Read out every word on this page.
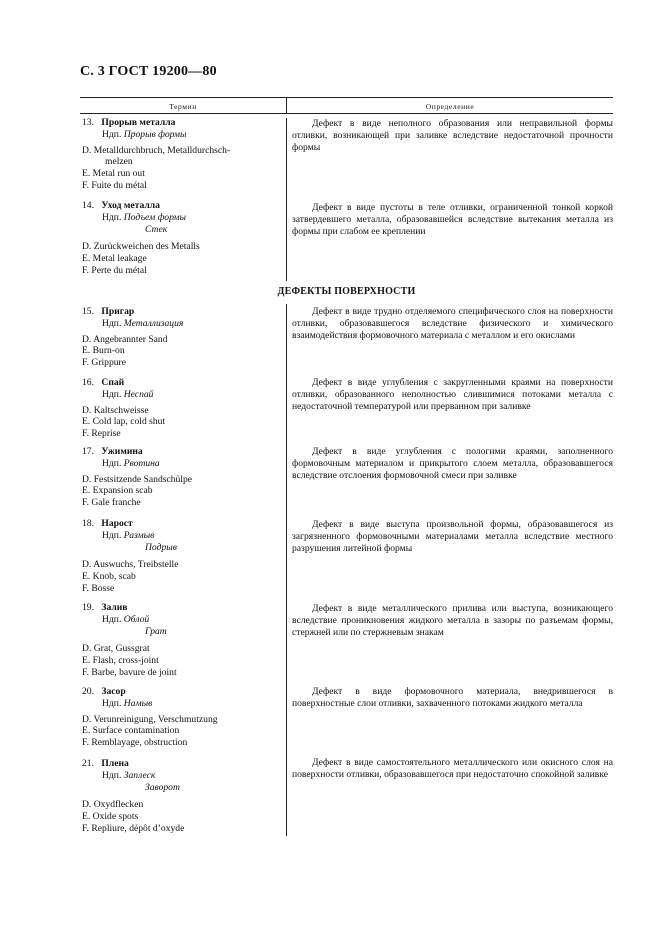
С. 3 ГОСТ 19200—80
Термин	Определение
ДЕФЕКТЫ ПОВЕРХНОСТИ
13. Прорыв металла
Ндп. Прорыв формы
D. Metalldurchbruch, Metalldurchsch-
melzen
E. Metal run out
F. Fuite du métal
Дефект в виде неполного образования или неправильной формы отливки, возникающей при заливке вследствие недостаточной прочности формы
14. Уход металла
Ндп. Подъем формы
Стек
D. Zurückweichen des Metalls
E. Metal leakage
F. Perte du métal
Дефект в виде пустоты в теле отливки, ограниченной тонкой коркой затвердевшего металла, образовавшейся вследствие вытекания металла из формы при слабом ее креплении
15. Пригар
Ндп. Металлизация
D. Angebrannter Sand
E. Burn-on
F. Grippure
Дефект в виде трудно отделяемого специфического слоя на поверхности отливки, образовавшегося вследствие физического и химического взаимодействия формовочного материала с металлом и его окислами
16. Спай
Ндп. Неспай
D. Kaltschweisse
E. Cold lap, cold shut
F. Reprise
Дефект в виде углубления с закругленными краями на поверхности отливки, образованного неполностью слившимися потоками металла с недостаточной температурой или прерванном при заливке
17. Ужимина
Ндп. Рвотина
D. Festsitzende Sandschülpe
E. Expansion scab
F. Gale franche
Дефект в виде углубления с пологими краями, заполненного формовочным материалом и прикрытого слоем металла, образовавшегося вследствие отслоения формовочной смеси при заливке
18. Нарост
Ндп. Размыв
Подрыв
D. Auswuchs, Treibstelle
E. Knob, scab
F. Bosse
Дефект в виде выступа произвольной формы, образовавшегося из загрязненного формовочными материалами металла вследствие местного разрушения литейной формы
19. Залив
Ндп. Облой
Грат
D. Grat, Gussgrat
E. Flash, cross-joint
F. Barbe, bavure de joint
Дефект в виде металлического прилива или выступа, возникающего вследствие проникновения жидкого металла в зазоры по разъемам формы, стержней или по стержневым знакам
20. Засор
Ндп. Намыв
D. Verunreinigung, Verschmutzung
E. Surface contamination
F. Remblayage, obstruction
Дефект в виде формовочного материала, внедрившегося в поверхностные слои отливки, захваченного потоками жидкого металла
21. Плена
Ндп. Заплеск
Заворот
D. Oxydflecken
E. Oxide spots
F. Repliure, dépôt d’oxyde
Дефект в виде самостоятельного металлического или окисного слоя на поверхности отливки, образовавшегося при недостаточно спокойной заливке
